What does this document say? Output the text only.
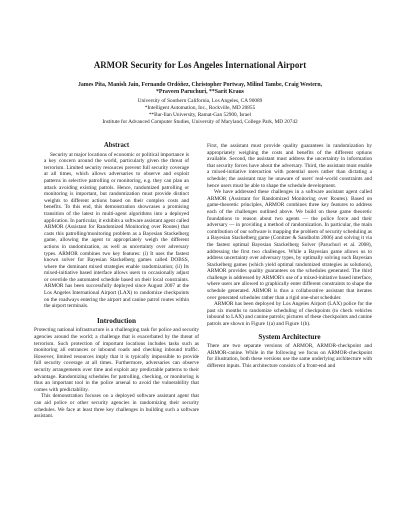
ARMOR Security for Los Angeles International Airport
James Pita, Manish Jain, Fernando Ordóñez, Christopher Portway, Milind Tambe, Craig Western,
*Praveen Paruchuri, **Sarit Kraus
University of Southern California, Los Angeles, CA 90089
*Intelligent Automation, Inc., Rockville, MD 20855
**Bar-Ilan University, Ramat-Gan 52900, Israel
Institute for Advanced Computer Studies, University of Maryland, College Park, MD 20742
Abstract

Security at major locations of economic or political importance is a key concern around the world, particularly given the threat of terrorism. Limited security resources prevent full security coverage at all times, which allows adversaries to observe and exploit patterns in selective patrolling or monitoring, e.g. they can plan an attack avoiding existing patrols. Hence, randomized patrolling or monitoring is important, but randomization must provide distinct weights to different actions based on their complex costs and benefits. To this end, this demonstration showcases a promising transition of the latest in multi-agent algorithms into a deployed application. In particular, it exhibits a software assistant agent called ARMOR (Assistant for Randomized Monitoring over Routes) that casts this patrolling/monitoring problem as a Bayesian Stackelberg game, allowing the agent to appropriately weigh the different actions in randomization, as well as uncertainty over adversary types. ARMOR combines two key features: (i) It uses the fastest known solver for Bayesian Stackelberg games called DOBSS, where the dominant mixed strategies enable randomization; (ii) Its mixed-initiative based interface allows users to occasionally adjust or override the automated schedule based on their local constraints. ARMOR has been successfully deployed since August 2007 at the Los Angeles International Airport (LAX) to randomize checkpoints on the roadways entering the airport and canine patrol routes within the airport terminals.

Introduction

Protecting national infrastructure is a challenging task for police and security agencies around the world; a challenge that is exacerbated by the threat of terrorism. Such protection of important locations includes tasks such as monitoring all entrances or inbound roads and checking inbound traffic. However, limited resources imply that it is typically impossible to provide full security coverage at all times. Furthermore, adversaries can observe security arrangements over time and exploit any predictable patterns to their advantage. Randomizing schedules for patrolling, checking, or monitoring is thus an important tool in the police arsenal to avoid the vulnerability that comes with predictability.

This demonstration focuses on a deployed software assistant agent that can aid police or other security agencies in randomizing their security schedules. We face at least three key challenges in building such a software assistant.

First, the assistant must provide quality guarantees in randomization by appropriately weighing the costs and benefits of the different options available. Second, the assistant must address the uncertainty in information that security forces have about the adversary. Third, the assistant must enable a mixed-initiative interaction with potential users rather than dictating a schedule; the assistant may be unaware of users' real-world constraints and hence users must be able to shape the schedule development.

We have addressed these challenges in a software assistant agent called ARMOR (Assistant for Randomized Monitoring over Routes). Based on game-theoretic principles, ARMOR combines three key features to address each of the challenges outlined above. We build on these game theoretic foundations to reason about two agents — the police force and their adversary — in providing a method of randomization. In particular, the main contribution of our software is mapping the problem of security scheduling as a Bayesian Stackelberg game (Conitzer & Sandholm 2006) and solving it via the fastest optimal Bayesian Stackelberg Solver (Paruchuri et al. 2008), addressing the first two challenges. While a Bayesian game allows us to address uncertainty over adversary types, by optimally solving such Bayesian Stackelberg games (which yield optimal randomized strategies as solutions), ARMOR provides quality guarantees on the schedules generated. The third challenge is addressed by ARMOR's use of a mixed-initiative based interface, where users are allowed to graphically enter different constraints to shape the schedule generated. ARMOR is thus a collaborative assistant that iterates over generated schedules rather than a rigid one-shot scheduler.

ARMOR has been deployed by Los Angeles Airport (LAX) police for the past six months to randomize scheduling of checkpoints (to check vehicles inbound to LAX) and canine patrols; pictures of these checkpoints and canine patrols are shown in Figure 1(a) and Figure 1(b).

System Architecture

There are two separate versions of ARMOR, ARMOR-checkpoint and ARMOR-canine. While in the following we focus on ARMOR-checkpoint for illustration, both these versions use the same underlying architecture with different inputs. This architecture consists of a front-end and
